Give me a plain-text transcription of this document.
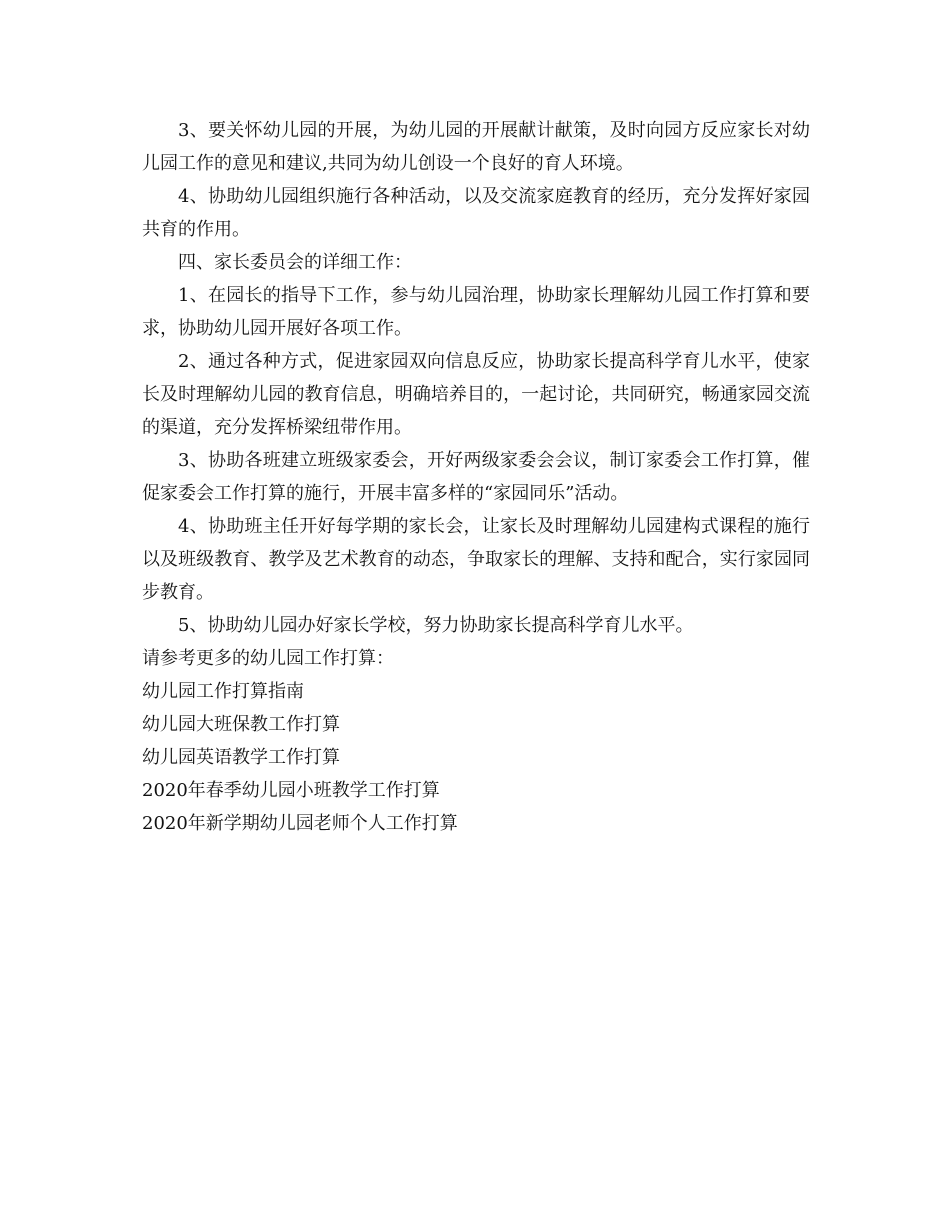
3、要关怀幼儿园的开展，为幼儿园的开展献计献策，及时向园方反应家长对幼儿园工作的意见和建议,共同为幼儿创设一个良好的育人环境。

4、协助幼儿园组织施行各种活动，以及交流家庭教育的经历，充分发挥好家园共育的作用。

四、家长委员会的详细工作：

1、在园长的指导下工作，参与幼儿园治理，协助家长理解幼儿园工作打算和要求，协助幼儿园开展好各项工作。

2、通过各种方式，促进家园双向信息反应，协助家长提高科学育儿水平，使家长及时理解幼儿园的教育信息，明确培养目的，一起讨论，共同研究，畅通家园交流的渠道，充分发挥桥梁纽带作用。

3、协助各班建立班级家委会，开好两级家委会会议，制订家委会工作打算，催促家委会工作打算的施行，开展丰富多样的“家园同乐”活动。

4、协助班主任开好每学期的家长会，让家长及时理解幼儿园建构式课程的施行以及班级教育、教学及艺术教育的动态，争取家长的理解、支持和配合，实行家园同步教育。

5、协助幼儿园办好家长学校，努力协助家长提高科学育儿水平。

请参考更多的幼儿园工作打算：

幼儿园工作打算指南

幼儿园大班保教工作打算

幼儿园英语教学工作打算

2020年春季幼儿园小班教学工作打算

2020年新学期幼儿园老师个人工作打算
